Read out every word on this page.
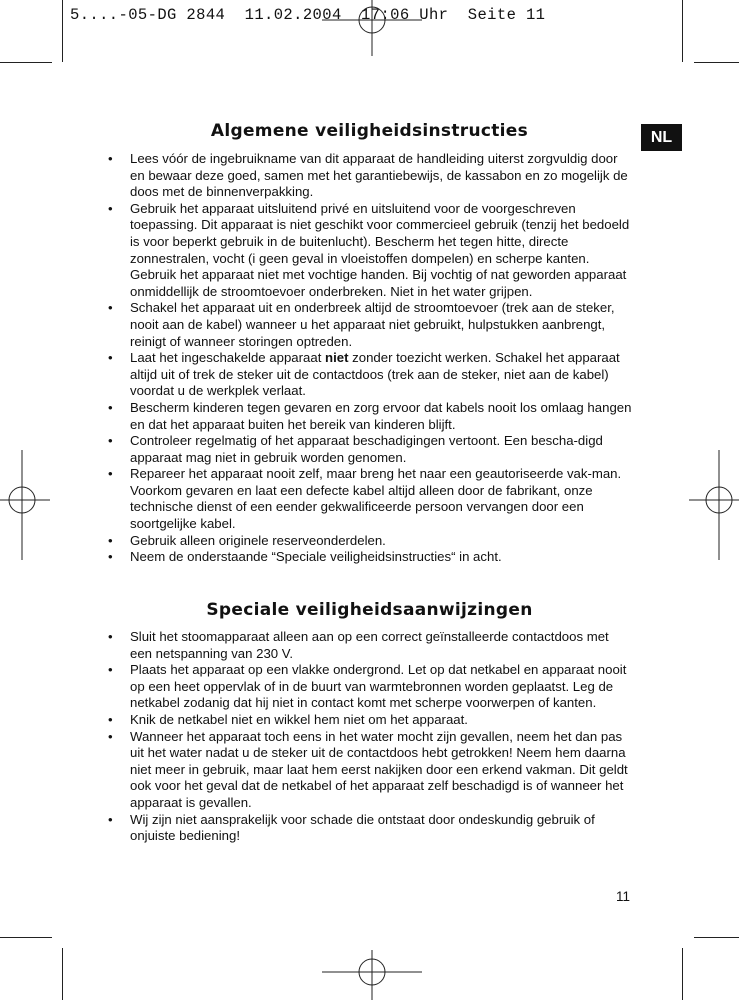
5....-05-DG 2844  11.02.2004  17:06 Uhr  Seite 11
NL
Algemene veiligheidsinstructies
• Lees vóór de ingebruikname van dit apparaat de handleiding uiterst zorgvuldig door en bewaar deze goed, samen met het garantiebewijs, de kassabon en zo mogelijk de doos met de binnenverpakking.
• Gebruik het apparaat uitsluitend privé en uitsluitend voor de voorgeschreven toepassing. Dit apparaat is niet geschikt voor commercieel gebruik (tenzij het bedoeld is voor beperkt gebruik in de buitenlucht). Bescherm het tegen hitte, directe zonnestralen, vocht (i geen geval in vloeistoffen dompelen) en scherpe kanten. Gebruik het apparaat niet met vochtige handen. Bij vochtig of nat geworden apparaat onmiddellijk de stroomtoevoer onderbreken. Niet in het water grijpen.
• Schakel het apparaat uit en onderbreek altijd de stroomtoevoer (trek aan de steker, nooit aan de kabel) wanneer u het apparaat niet gebruikt, hulpstukken aanbrengt, reinigt of wanneer storingen optreden.
• Laat het ingeschakelde apparaat niet zonder toezicht werken. Schakel het apparaat altijd uit of trek de steker uit de contactdoos (trek aan de steker, niet aan de kabel) voordat u de werkplek verlaat.
• Bescherm kinderen tegen gevaren en zorg ervoor dat kabels nooit los omlaag hangen en dat het apparaat buiten het bereik van kinderen blijft.
• Controleer regelmatig of het apparaat beschadigingen vertoont. Een bescha-digd apparaat mag niet in gebruik worden genomen.
• Repareer het apparaat nooit zelf, maar breng het naar een geautoriseerde vak-man. Voorkom gevaren en laat een defecte kabel altijd alleen door de fabrikant, onze technische dienst of een eender gekwalificeerde persoon vervangen door een soortgelijke kabel.
• Gebruik alleen originele reserveonderdelen.
• Neem de onderstaande “Speciale veiligheidsinstructies“ in acht.
Speciale veiligheidsaanwijzingen
• Sluit het stoomapparaat alleen aan op een correct geïnstalleerde contactdoos met een netspanning van 230 V.
• Plaats het apparaat op een vlakke ondergrond. Let op dat netkabel en apparaat nooit op een heet oppervlak of in de buurt van warmtebronnen worden geplaatst. Leg de netkabel zodanig dat hij niet in contact komt met scherpe voorwerpen of kanten.
• Knik de netkabel niet en wikkel hem niet om het apparaat.
• Wanneer het apparaat toch eens in het water mocht zijn gevallen, neem het dan pas uit het water nadat u de steker uit de contactdoos hebt getrokken! Neem hem daarna niet meer in gebruik, maar laat hem eerst nakijken door een erkend vakman. Dit geldt ook voor het geval dat de netkabel of het apparaat zelf beschadigd is of wanneer het apparaat is gevallen.
• Wij zijn niet aansprakelijk voor schade die ontstaat door ondeskundig gebruik of onjuiste bediening!
11
